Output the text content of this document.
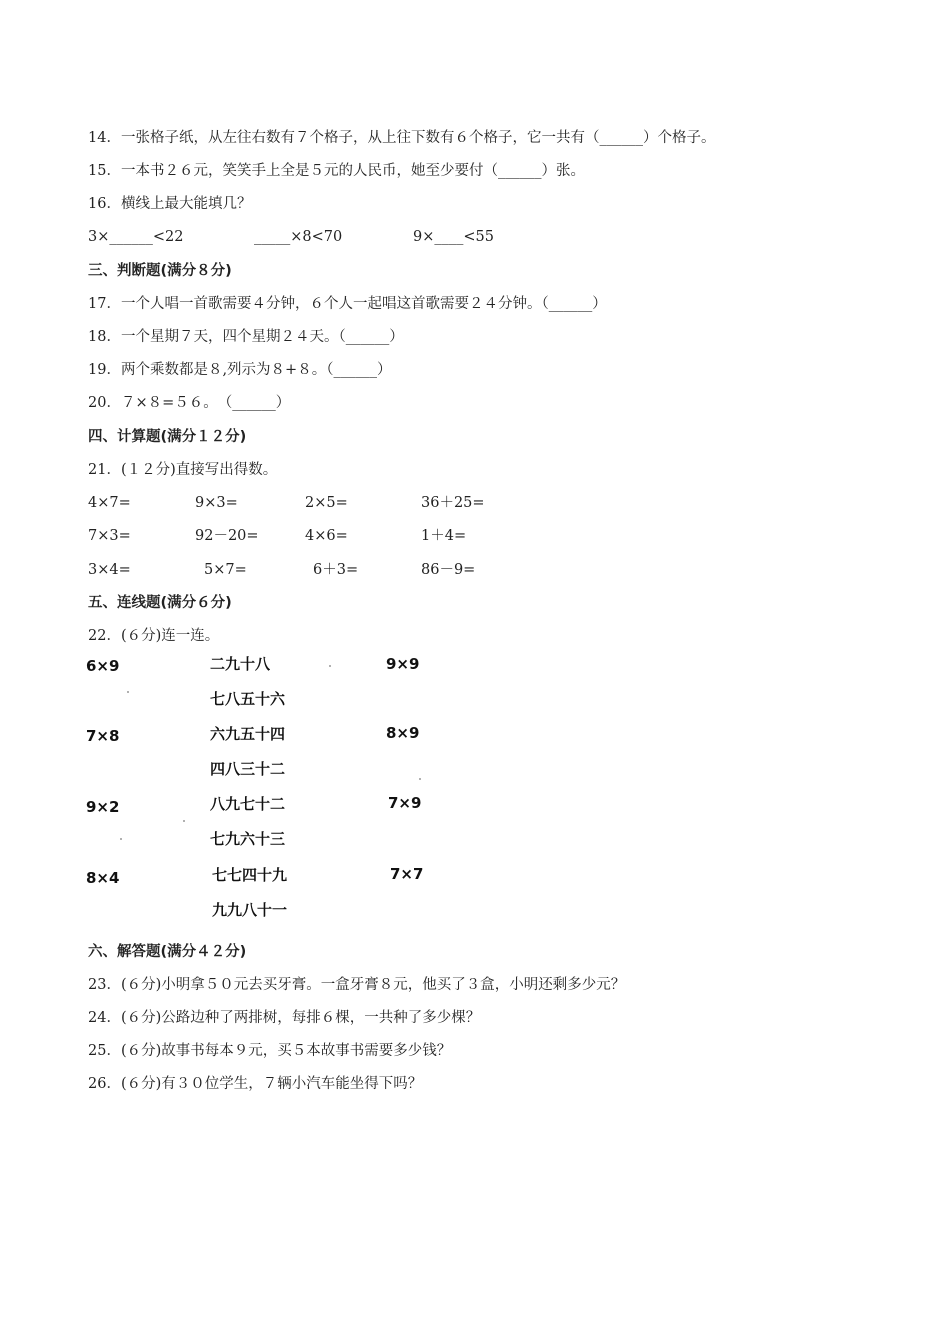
14．一张格子纸，从左往右数有７个格子，从上往下数有６个格子，它一共有（______）个格子。
15．一本书２６元，笑笑手上全是５元的人民币，她至少要付（______）张。
16．横线上最大能填几？
3×______<22	_____×8<70	9×____<55
三、判断题(满分８分)
17．一个人唱一首歌需要４分钟，６个人一起唱这首歌需要２４分钟。（______）
18．一个星期７天，四个星期２４天。（______）
19．两个乘数都是８,列示为８+８。（______）
20．７×８=５６。　（______）
四、计算题(满分１２分)
21．(１２分)直接写出得数。
4×7=	9×3=	2×5=	36＋25=
7×3=	92－20=	4×6=	1＋4=
3×4=	5×7=	6＋3=	86－9=
五、连线题(满分６分)
22．(６分)连一连。
6×9
7×8
9×2
8×4
二九十八
七八五十六
六九五十四
四八三十二
八九七十二
七九六十三
七七四十九
九九八十一
9×9
8×9
7×9
7×7
六、解答题(满分４２分)
23．(６分)小明拿５０元去买牙膏。一盒牙膏８元，他买了３盒，小明还剩多少元？
24．(６分)公路边种了两排树，每排６棵，一共种了多少棵？
25．(６分)故事书每本９元，买５本故事书需要多少钱？
26．(６分)有３０位学生，７辆小汽车能坐得下吗？
